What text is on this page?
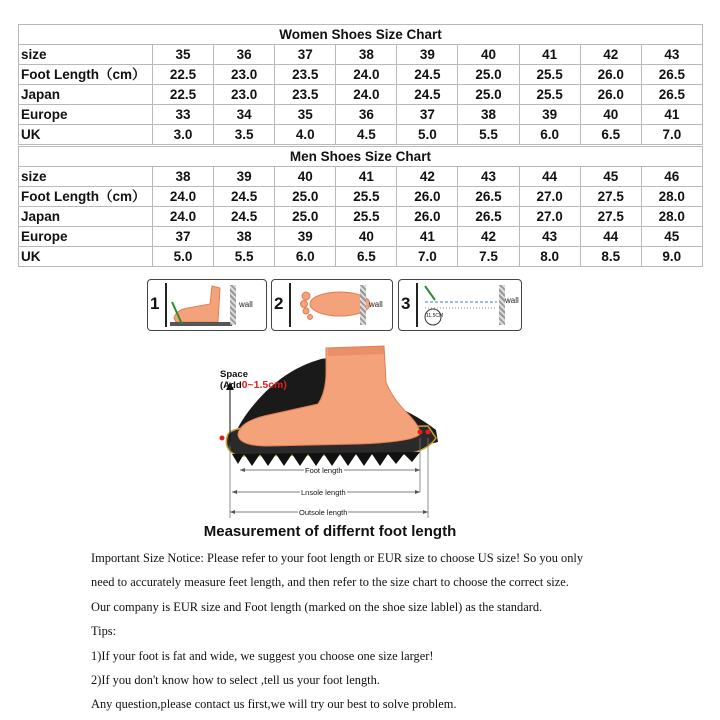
Women Shoes Size Chart									
size	35	36	37	38	39	40	41	42	43
Foot Length（cm）	22.5	23.0	23.5	24.0	24.5	25.0	25.5	26.0	26.5
Japan	22.5	23.0	23.5	24.0	24.5	25.0	25.5	26.0	26.5
Europe	33	34	35	36	37	38	39	40	41
UK	3.0	3.5	4.0	4.5	5.0	5.5	6.0	6.5	7.0
Men Shoes Size Chart									
size	38	39	40	41	42	43	44	45	46
Foot Length（cm）	24.0	24.5	25.0	25.5	26.0	26.5	27.0	27.5	28.0
Japan	24.0	24.5	25.0	25.5	26.0	26.5	27.0	27.5	28.0
Europe	37	38	39	40	41	42	43	44	45
UK	5.0	5.5	6.0	6.5	7.0	7.5	8.0	8.5	9.0
1	wall 2	wall 3
11.5CM
wall
Space
(Add0~1.5cm)
Foot length
Lnsole length
Outsole length
Measurement of differnt foot length

Important Size Notice: Please refer to your foot length or EUR size to choose US size! So you only

need to accurately measure feet length, and then refer to the size chart to choose the correct size.

Our company is EUR size and Foot length (marked on the shoe size lablel) as the standard.

Tips:

1)If your foot is fat and wide, we suggest you choose one size larger!

2)If you don't know how to select ,tell us your foot length.

Any question,please contact us first,we will try our best to solve problem.
